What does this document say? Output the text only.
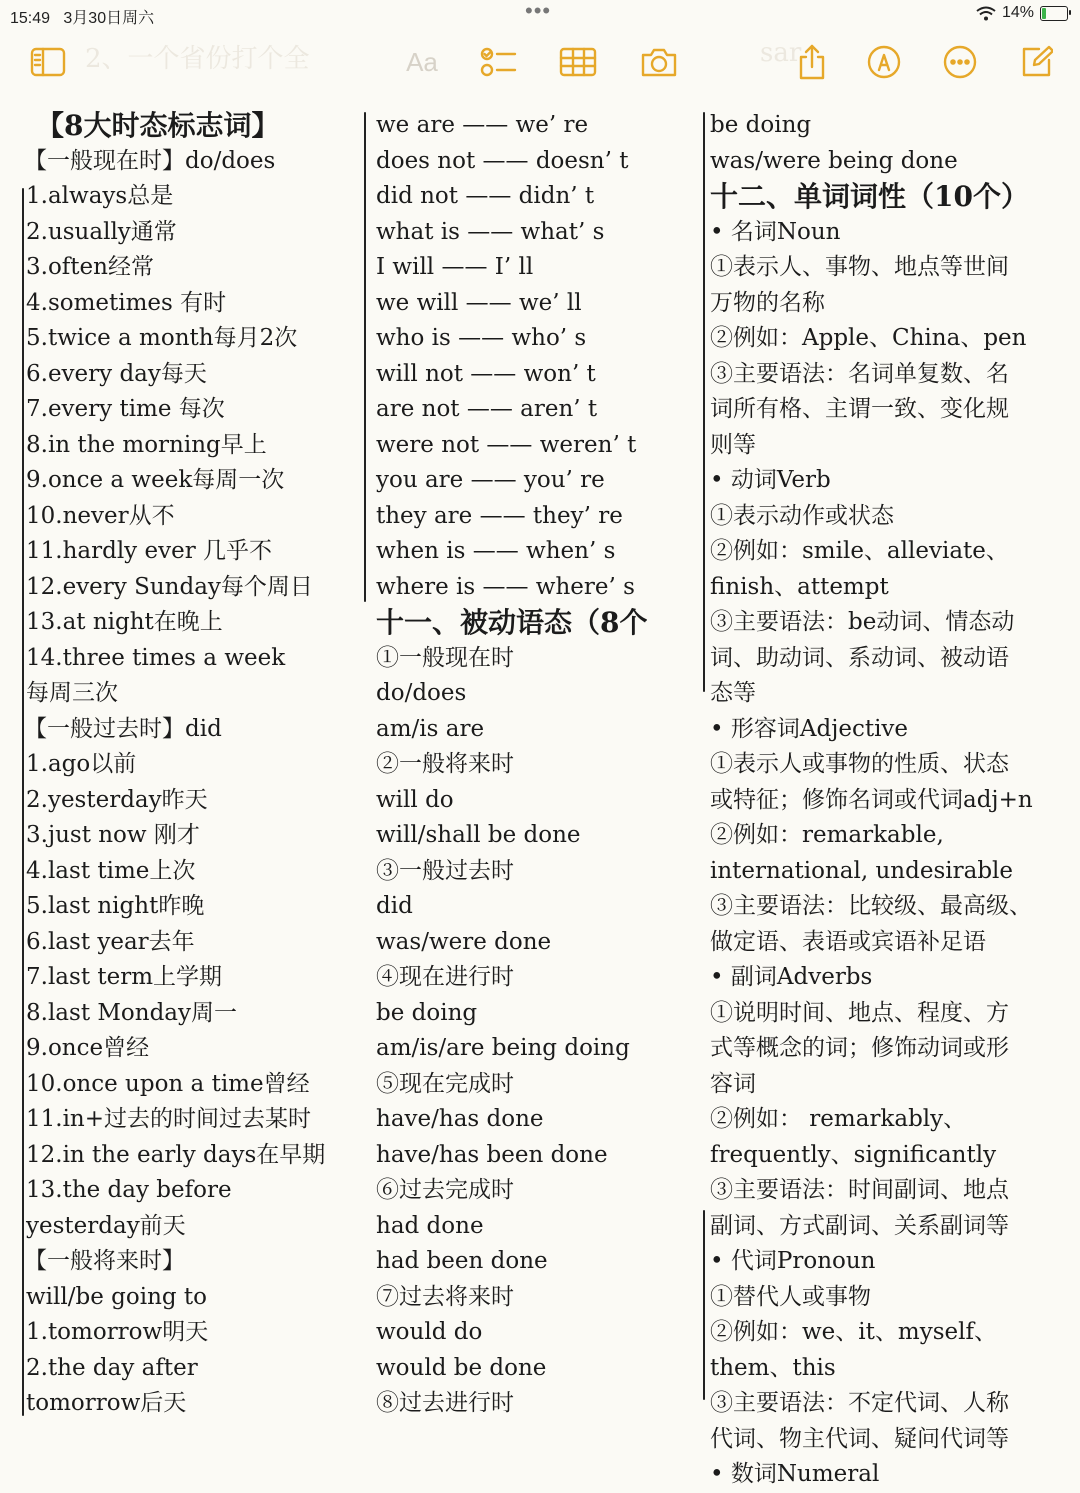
15:49 3月30日周六	•••	14%
2、一个省份打个全	sar
Aa
【8大时态标志词】
【一般现在时】do/does
1.always总是
2.usually通常
3.often经常
4.sometimes 有时
5.twice a month每月2次
6.every day每天
7.every time 每次
8.in the morning早上
9.once a week每周一次
10.never从不
11.hardly ever 几乎不
12.every Sunday每个周日
13.at night在晚上
14.three times a week
每周三次
【一般过去时】did
1.ago以前
2.yesterday昨天
3.just now 刚才
4.last time上次
5.last night昨晚
6.last year去年
7.last term上学期
8.last Monday周一
9.once曾经
10.once upon a time曾经
11.in+过去的时间过去某时
12.in the early days在早期
13.the day before
yesterday前天
【一般将来时】
will/be going to
1.tomorrow明天
2.the day after
tomorrow后天
we are —— we’ re
does not —— doesn’ t
did not —— didn’ t
what is —— what’ s
I will —— I’ ll
we will —— we’ ll
who is —— who’ s
will not —— won’ t
are not —— aren’ t
were not —— weren’ t
you are —— you’ re
they are —— they’ re
when is —— when’ s
where is —— where’ s
十一、被动语态（8个
①一般现在时
do/does
am/is are
②一般将来时
will do
will/shall be done
③一般过去时
did
was/were done
④现在进行时
be doing
am/is/are being doing
⑤现在完成时
have/has done
have/has been done
⑥过去完成时
had done
had been done
⑦过去将来时
would do
would be done
⑧过去进行时
be doing
was/were being done
十二、单词词性（10个）
• 名词Noun
①表示人、事物、地点等世间
万物的名称
②例如：Apple、China、pen
③主要语法：名词单复数、名
词所有格、主谓一致、变化规
则等
• 动词Verb
①表示动作或状态
②例如：smile、alleviate、
finish、attempt
③主要语法：be动词、情态动
词、助动词、系动词、被动语
态等
• 形容词Adjective
①表示人或事物的性质、状态
或特征；修饰名词或代词adj+n
②例如：remarkable,
international, undesirable
③主要语法：比较级、最高级、
做定语、表语或宾语补足语
• 副词Adverbs
①说明时间、地点、程度、方
式等概念的词；修饰动词或形
容词
②例如： remarkably、
frequently、significantly
③主要语法：时间副词、地点
副词、方式副词、关系副词等
• 代词Pronoun
①替代人或事物
②例如：we、it、myself、
them、this
③主要语法：不定代词、人称
代词、物主代词、疑问代词等
• 数词Numeral
